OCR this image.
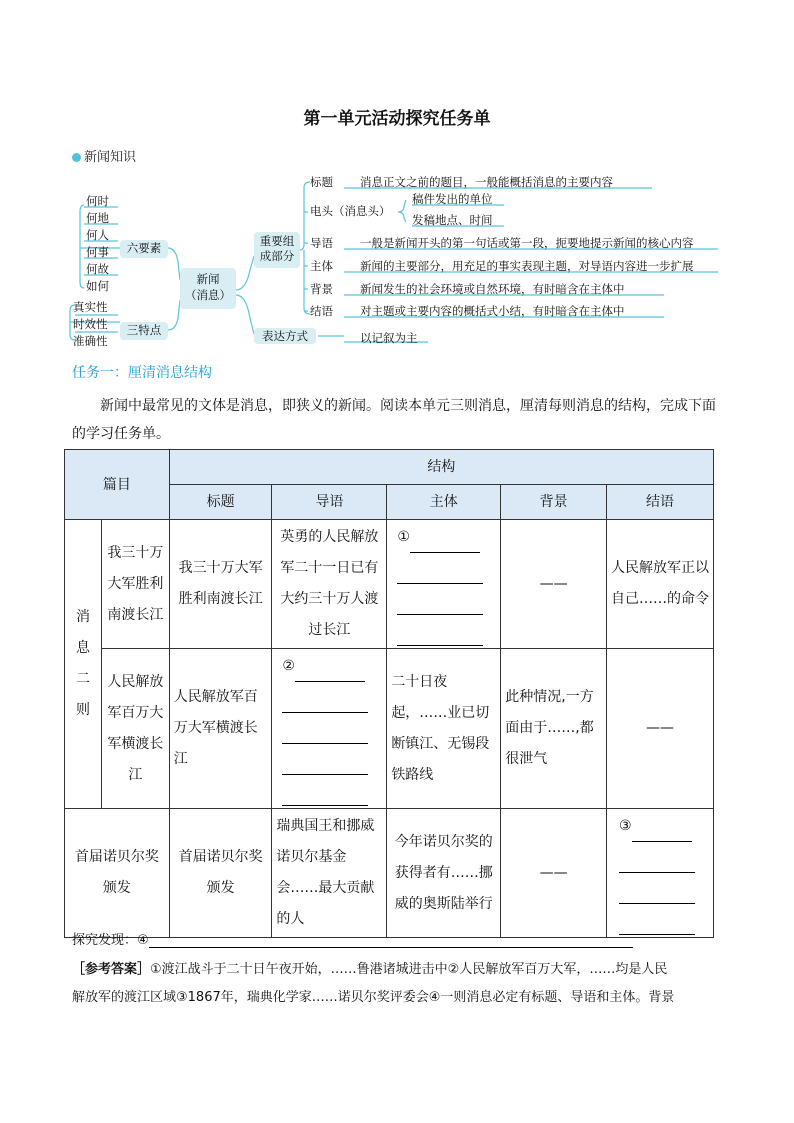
第一单元活动探究任务单
新闻知识
何时
何地
何人
何事
何故
如何
真实性
时效性
准确性
六要素
三特点
新闻
（消息）
重要组
成部分
表达方式	以记叙为主
标题 消息正文之前的题目，一般能概括消息的主要内容
电头（消息头）
稿件发出的单位
发稿地点、时间
导语 一般是新闻开头的第一句话或第一段，扼要地提示新闻的核心内容
主体 新闻的主要部分，用充足的事实表现主题，对导语内容进一步扩展
背景 新闻发生的社会环境或自然环境，有时暗含在主体中
结语 对主题或主要内容的概括式小结，有时暗含在主体中
任务一：厘清消息结构
新闻中最常见的文体是消息，即狭义的新闻。阅读本单元三则消息，厘清每则消息的结构，完成下面的学习任务单。
篇目		结构				
		标题	导语	主体	背景	结语
消息二则	我三十万大军胜利南渡长江	我三十万大军胜利南渡长江	英勇的人民解放军二十一日已有大约三十万人渡过长江	①	——	人民解放军正以自己……的命令
	人民解放军百万大军横渡长江	人民解放军百万大军横渡长江	②	二十日夜起，……业已切断镇江、无锡段铁路线	此种情况,一方面由于……,都很泄气	——
首届诺贝尔奖颁发		首届诺贝尔奖颁发	瑞典国王和挪威诺贝尔基金会……最大贡献的人	今年诺贝尔奖的获得者有……挪威的奥斯陆举行	——	③

探究发现：④
［参考答案］①渡江战斗于二十日午夜开始，……鲁港诸城进击中②人民解放军百万大军，……均是人民
解放军的渡江区域③1867年，瑞典化学家……诺贝尔奖评委会④一则消息必定有标题、导语和主体。背景
